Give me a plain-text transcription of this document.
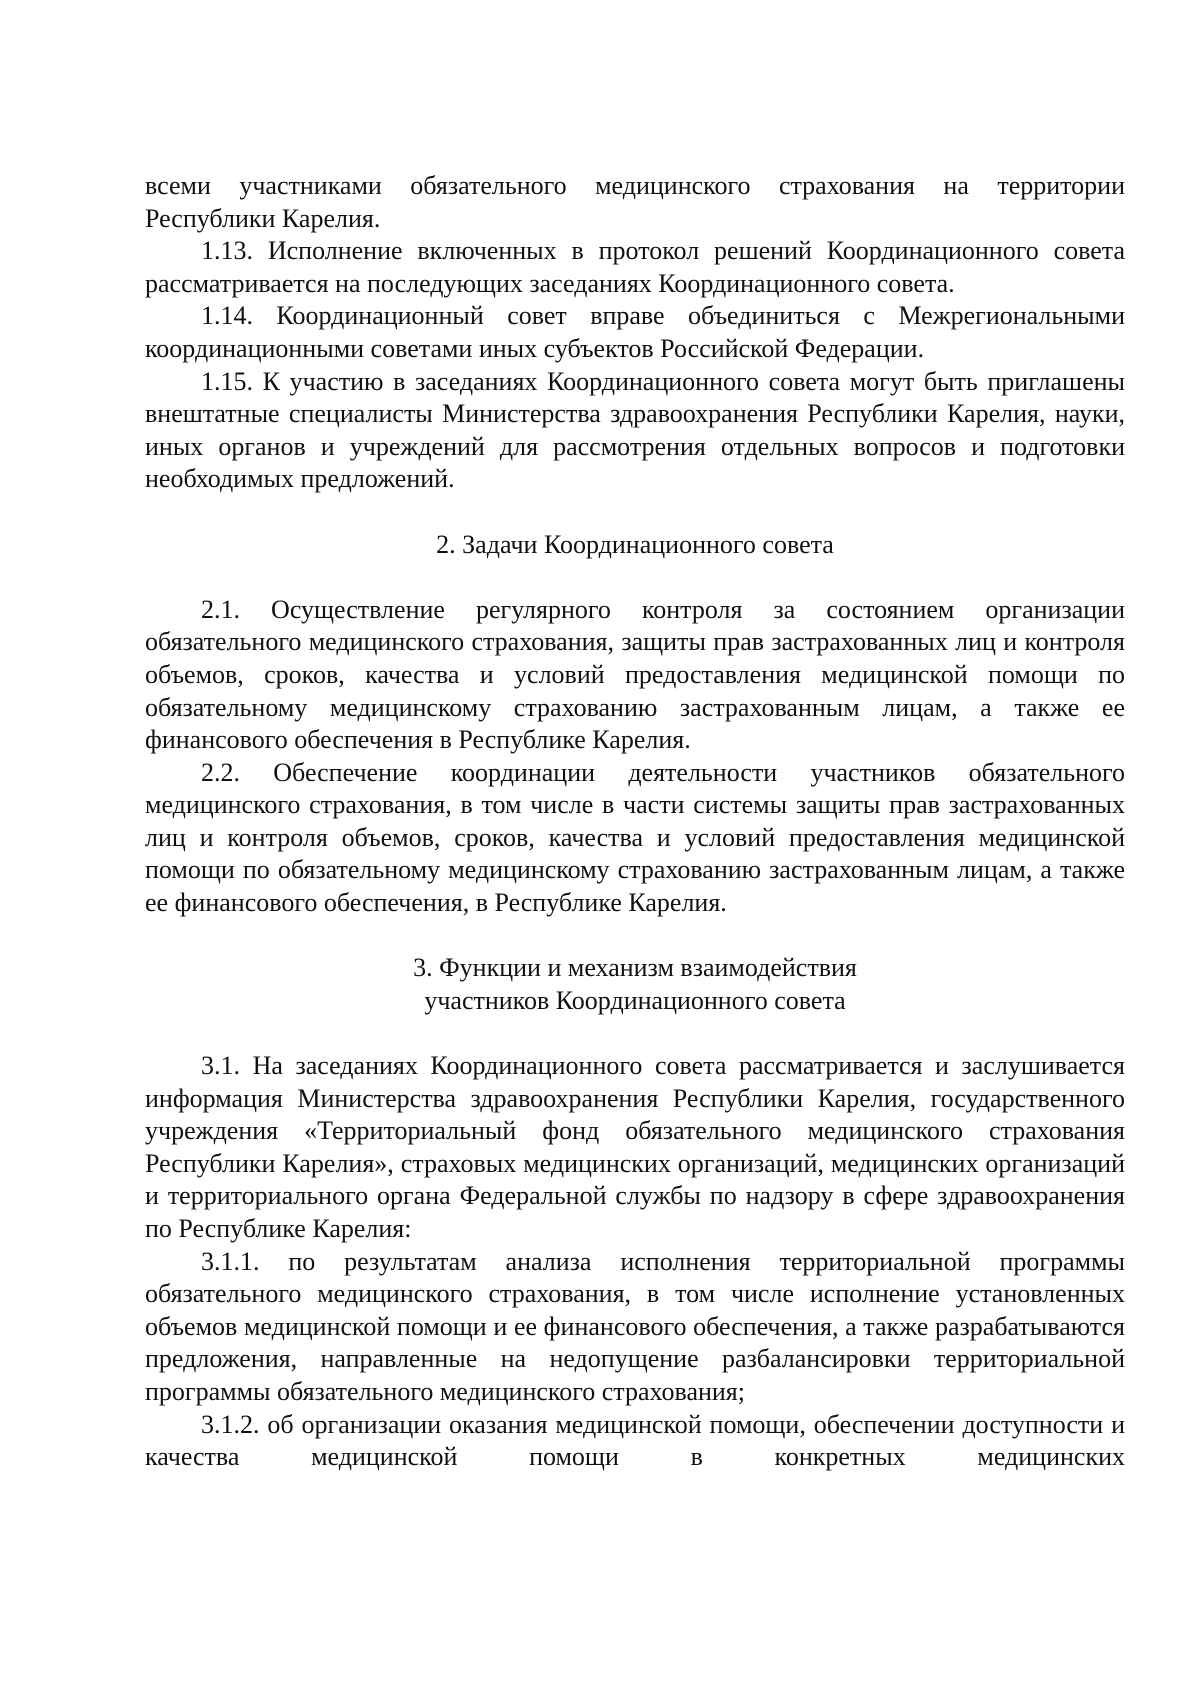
всеми участниками обязательного медицинского страхования на территории Республики Карелия.

1.13. Исполнение включенных в протокол решений Координационного совета рассматривается на последующих заседаниях Координационного совета.

1.14. Координационный совет вправе объединиться с Межрегиональными координационными советами иных субъектов Российской Федерации.

1.15. К участию в заседаниях Координационного совета могут быть приглашены внештатные специалисты Министерства здравоохранения Республики Карелия, науки, иных органов и учреждений для рассмотрения отдельных вопросов и подготовки необходимых предложений.

2. Задачи Координационного совета

2.1. Осуществление регулярного контроля за состоянием организации обязательного медицинского страхования, защиты прав застрахованных лиц и контроля объемов, сроков, качества и условий предоставления медицинской помощи по обязательному медицинскому страхованию застрахованным лицам, а также ее финансового обеспечения в Республике Карелия.

2.2. Обеспечение координации деятельности участников обязательного медицинского страхования, в том числе в части системы защиты прав застрахованных лиц и контроля объемов, сроков, качества и условий предоставления медицинской помощи по обязательному медицинскому страхованию застрахованным лицам, а также ее финансового обеспечения, в Республике Карелия.

3. Функции и механизм взаимодействия
участников Координационного совета

3.1. На заседаниях Координационного совета рассматривается и заслушивается информация Министерства здравоохранения Республики Карелия, государственного учреждения «Территориальный фонд обязательного медицинского страхования Республики Карелия», страховых медицинских организаций, медицинских организаций и территориального органа Федеральной службы по надзору в сфере здравоохранения по Республике Карелия:

3.1.1. по результатам анализа исполнения территориальной программы обязательного медицинского страхования, в том числе исполнение установленных объемов медицинской помощи и ее финансового обеспечения, а также разрабатываются предложения, направленные на недопущение разбалансировки территориальной программы обязательного медицинского страхования;

3.1.2. об организации оказания медицинской помощи, обеспечении доступности и качества медицинской помощи в конкретных медицинских
